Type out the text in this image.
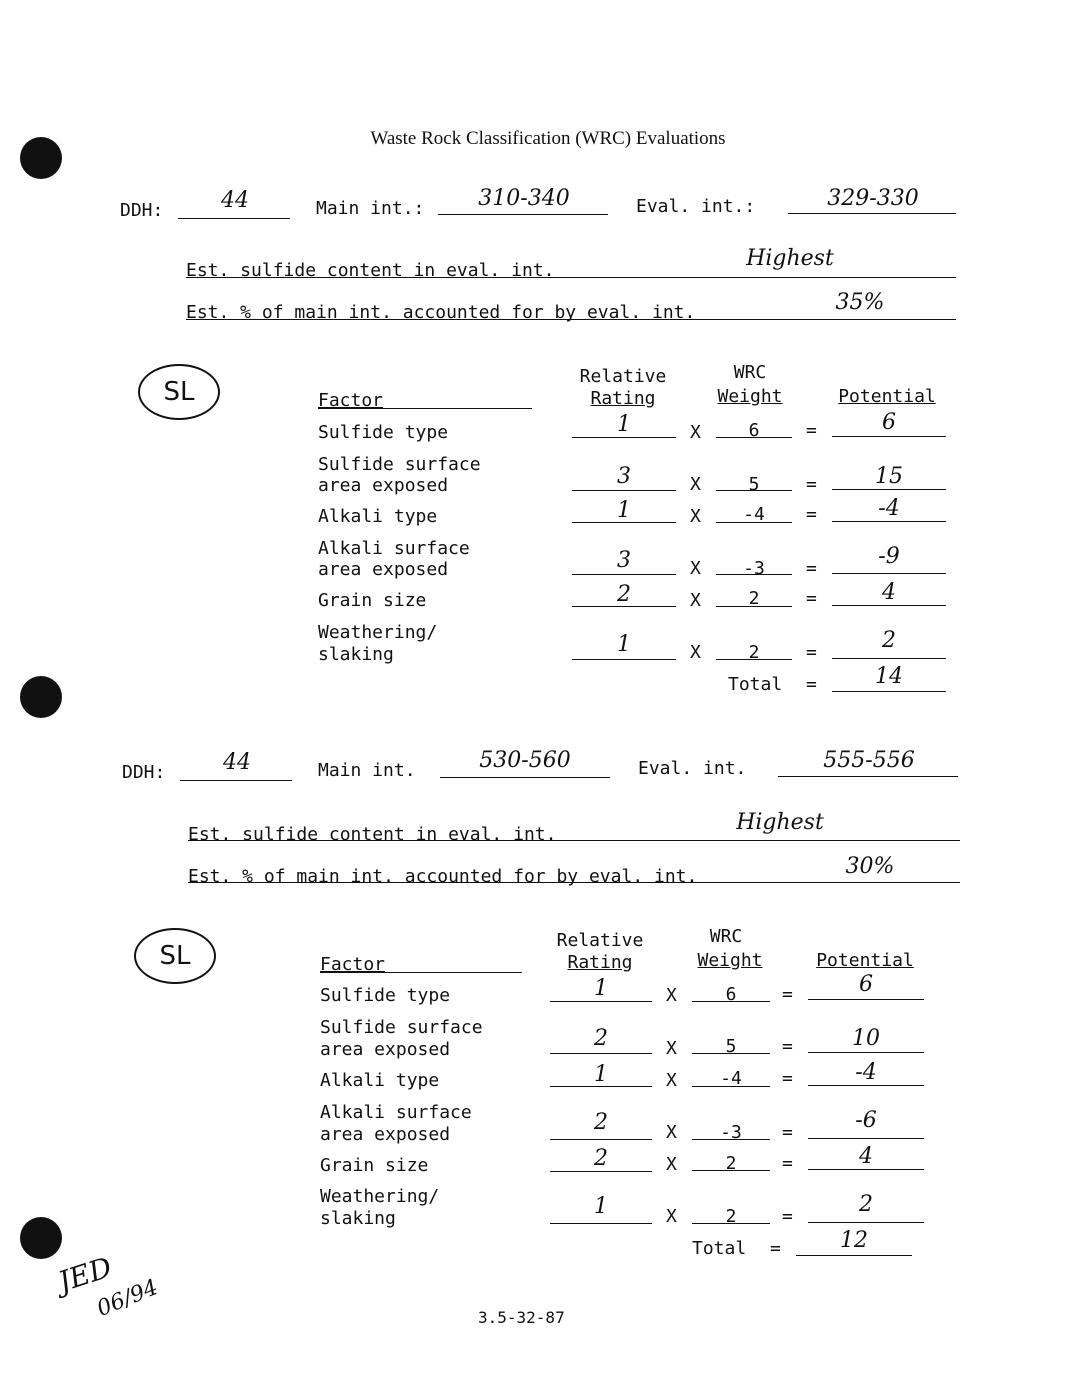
Waste Rock Classification (WRC) Evaluations
DDH:	44	Main int.:	310-340	Eval. int.:	329-330
Est. sulfide content in eval. int.	Highest
Est. % of main int. accounted for by eval. int.	35%
SL	Factor
Relative
Rating
WRC
Weight	Potential
Sulfide type	1	X	6	=	6
Sulfide surface
area exposed	3	X	5	=	15
Alkali type	1	X	-4	=	-4
Alkali surface
area exposed	3	X	-3	=	-9
Grain size	2	X	2	=	4
Weathering/
slaking	1	X	2	=	2
Total =	14
DDH:	44	Main int.	530-560	Eval. int.	555-556
Est. sulfide content in eval. int.	Highest
Est. % of main int. accounted for by eval. int.	30%
SL	Factor
Relative
Rating
WRC
Weight	Potential
Sulfide type	1	X	6	=	6
Sulfide surface
area exposed	2	X	5	=	10
Alkali type	1	X	-4	=	-4
Alkali surface
area exposed	2	X	-3	=	-6
Grain size	2	X	2	=	4
Weathering/
slaking	1	X	2	=	2
Total =	12
JED
06/94	3.5-32-87
